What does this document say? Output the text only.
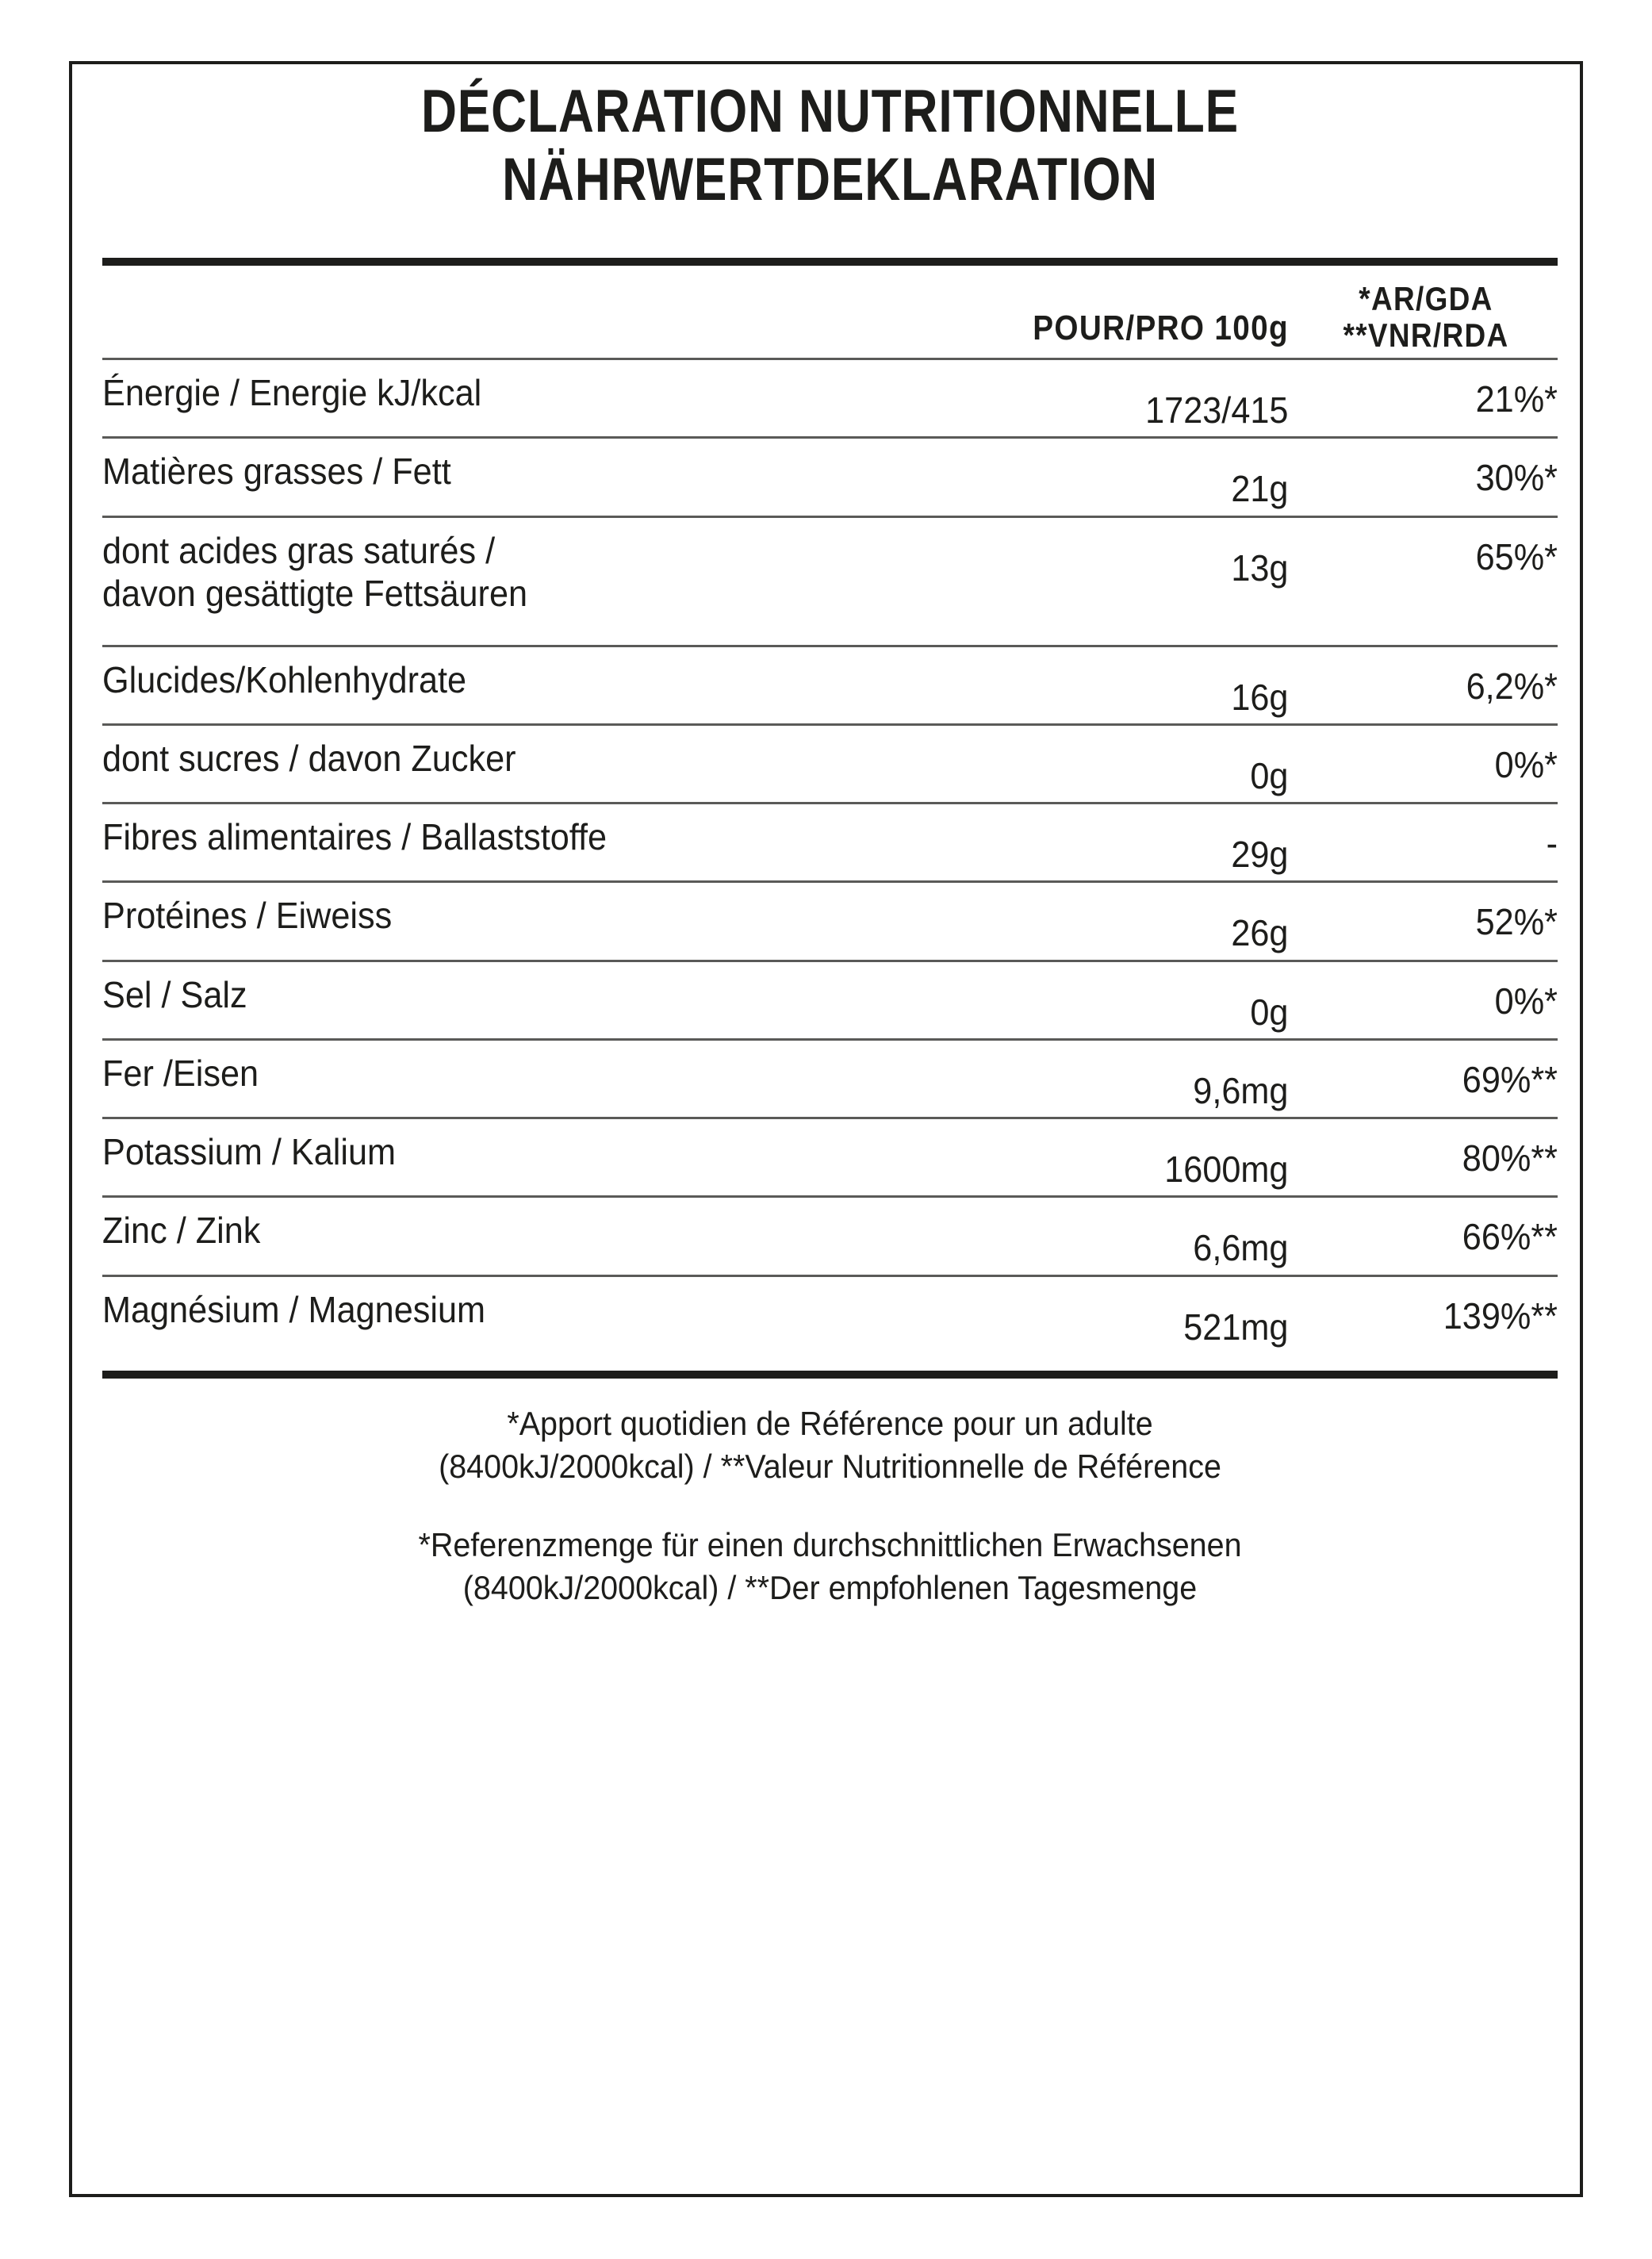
DÉCLARATION NUTRITIONNELLE
NÄHRWERTDEKLARATION
POUR/PRO 100g
*AR/GDA
**VNR/RDA
Énergie / Energie kJ/kcal	1723/415	21%*
Matières grasses / Fett	21g	30%*
dont acides gras saturés /
davon gesättigte Fettsäuren
13g	65%*
Glucides/Kohlenhydrate	16g	6,2%*
dont sucres / davon Zucker	0g	0%*
Fibres alimentaires / Ballaststoffe	29g	-
Protéines / Eiweiss	26g	52%*
Sel / Salz	0g	0%*
Fer /Eisen	9,6mg	69%**
Potassium / Kalium	1600mg	80%**
Zinc / Zink	6,6mg	66%**
Magnésium / Magnesium	521mg	139%**
*Apport quotidien de Référence pour un adulte
(8400kJ/2000kcal) / **Valeur Nutritionnelle de Référence
*Referenzmenge für einen durchschnittlichen Erwachsenen
(8400kJ/2000kcal) / **Der empfohlenen Tagesmenge
